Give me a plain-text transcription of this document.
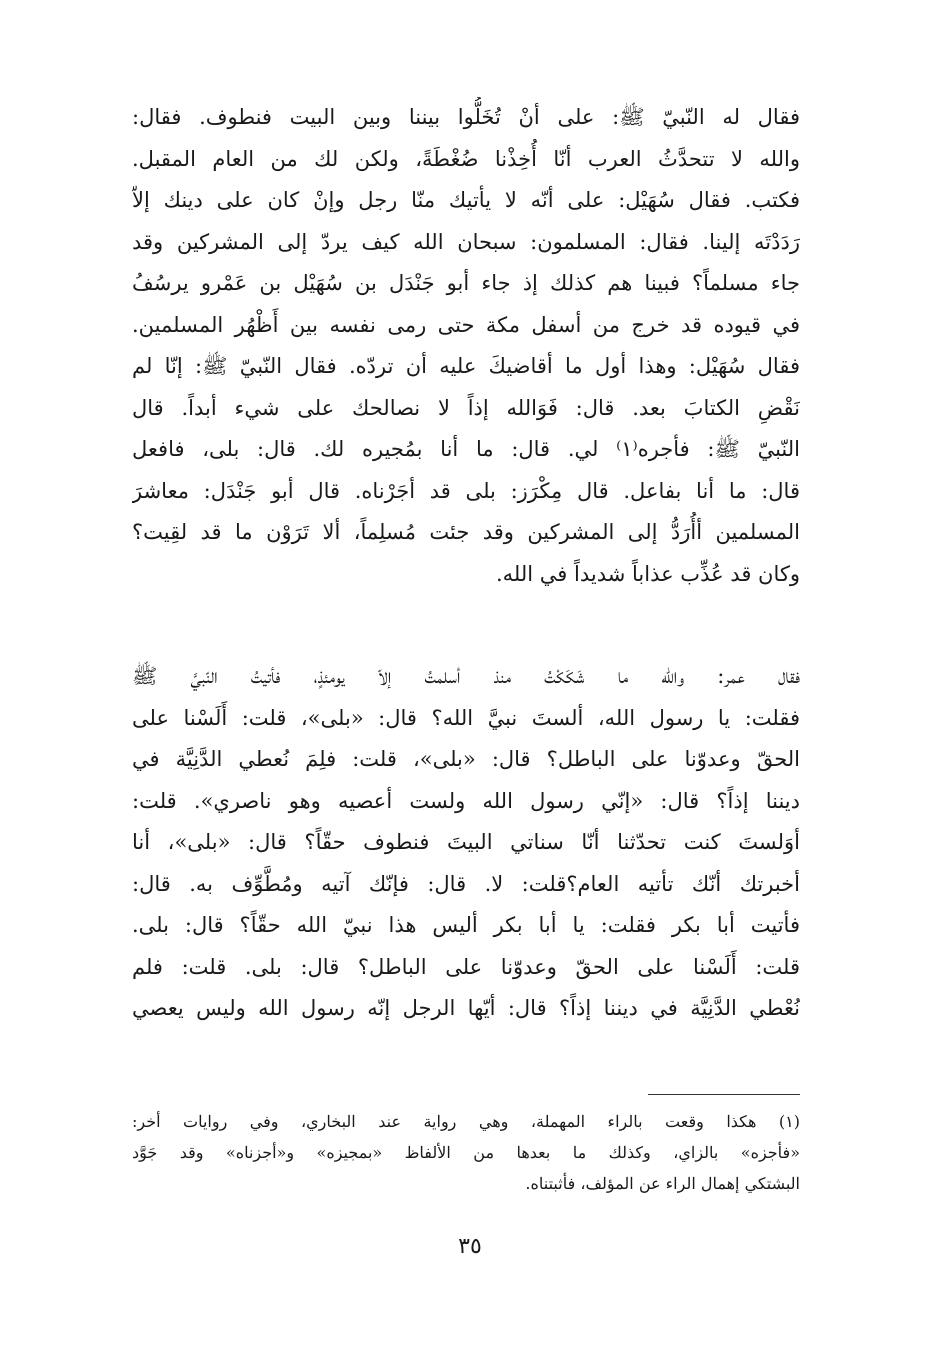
فقال له النّبيّ ﷺ: على أنْ تُخَلُّوا بيننا وبين البيت فنطوف. فقال:
والله لا تتحدَّثُ العرب أنّا أُخِذْنا ضُغْطَةً، ولكن لك من العام المقبل.
فكتب. فقال سُهَيْل: على أنّه لا يأتيك منّا رجل وإنْ كان على دينك إلاّ
رَدَدْتَه إلينا. فقال: المسلمون: سبحان الله كيف يردّ إلى المشركين وقد
جاء مسلماً؟ فبينا هم كذلك إذ جاء أبو جَنْدَل بن سُهَيْل بن عَمْرو يرسُفُ
في قيوده قد خرج من أسفل مكة حتى رمى نفسه بين أَظْهُر المسلمين.
فقال سُهَيْل: وهذا أول ما أقاضيكَ عليه أن تردّه. فقال النّبيّ ﷺ: إنّا لم
نَقْضِ الكتابَ بعد. قال: فَوَالله إذاً لا نصالحك على شيء أبداً. قال
النّبيّ ﷺ: فأجره⁽١⁾ لي. قال: ما أنا بمُجيره لك. قال: بلى، فافعل
قال: ما أنا بفاعل. قال مِكْرَز: بلى قد أجَرْناه. قال أبو جَنْدَل: معاشرَ
المسلمين أأُرَدُّ إلى المشركين وقد جئت مُسلِماً، ألا تَرَوْن ما قد لقِيت؟
وكان قد عُذِّب عذاباً شديداً في الله.
فقال عمر: والله ما شَكَكْتُ منذ أسلمتُ إلاّ يومئذٍ، فأتيتُ النّبيَّ ﷺ
فقلت: يا رسول الله، ألستَ نبيَّ الله؟ قال: «بلى»، قلت: أَلَسْنا على
الحقّ وعدوّنا على الباطل؟ قال: «بلى»، قلت: فلِمَ نُعطي الدَّنِيَّة في
ديننا إذاً؟ قال: «إنّي رسول الله ولست أعصيه وهو ناصري». قلت:
أوَلستَ كنت تحدّثنا أنّا سناتي البيتَ فنطوف حقّاً؟ قال: «بلى»، أنا
أخبرتك أنّك تأتيه العام؟قلت: لا. قال: فإنّك آتيه ومُطَّوِّف به. قال:
فأتيت أبا بكر فقلت: يا أبا بكر أليس هذا نبيّ الله حقّاً؟ قال: بلى.
قلت: أَلَسْنا على الحقّ وعدوّنا على الباطل؟ قال: بلى. قلت: فلم
نُعْطي الدَّنِيَّة في ديننا إذاً؟ قال: أيّها الرجل إنّه رسول الله وليس يعصي
(١) هكذا وقعت بالراء المهملة، وهي رواية عند البخاري، وفي روايات أخر:
«فأجزه» بالزاي، وكذلك ما بعدها من الألفاظ «بمجيزه» و«أجزناه» وقد جَوَّد
البشتكي إهمال الراء عن المؤلف، فأثبتناه.
٣٥
